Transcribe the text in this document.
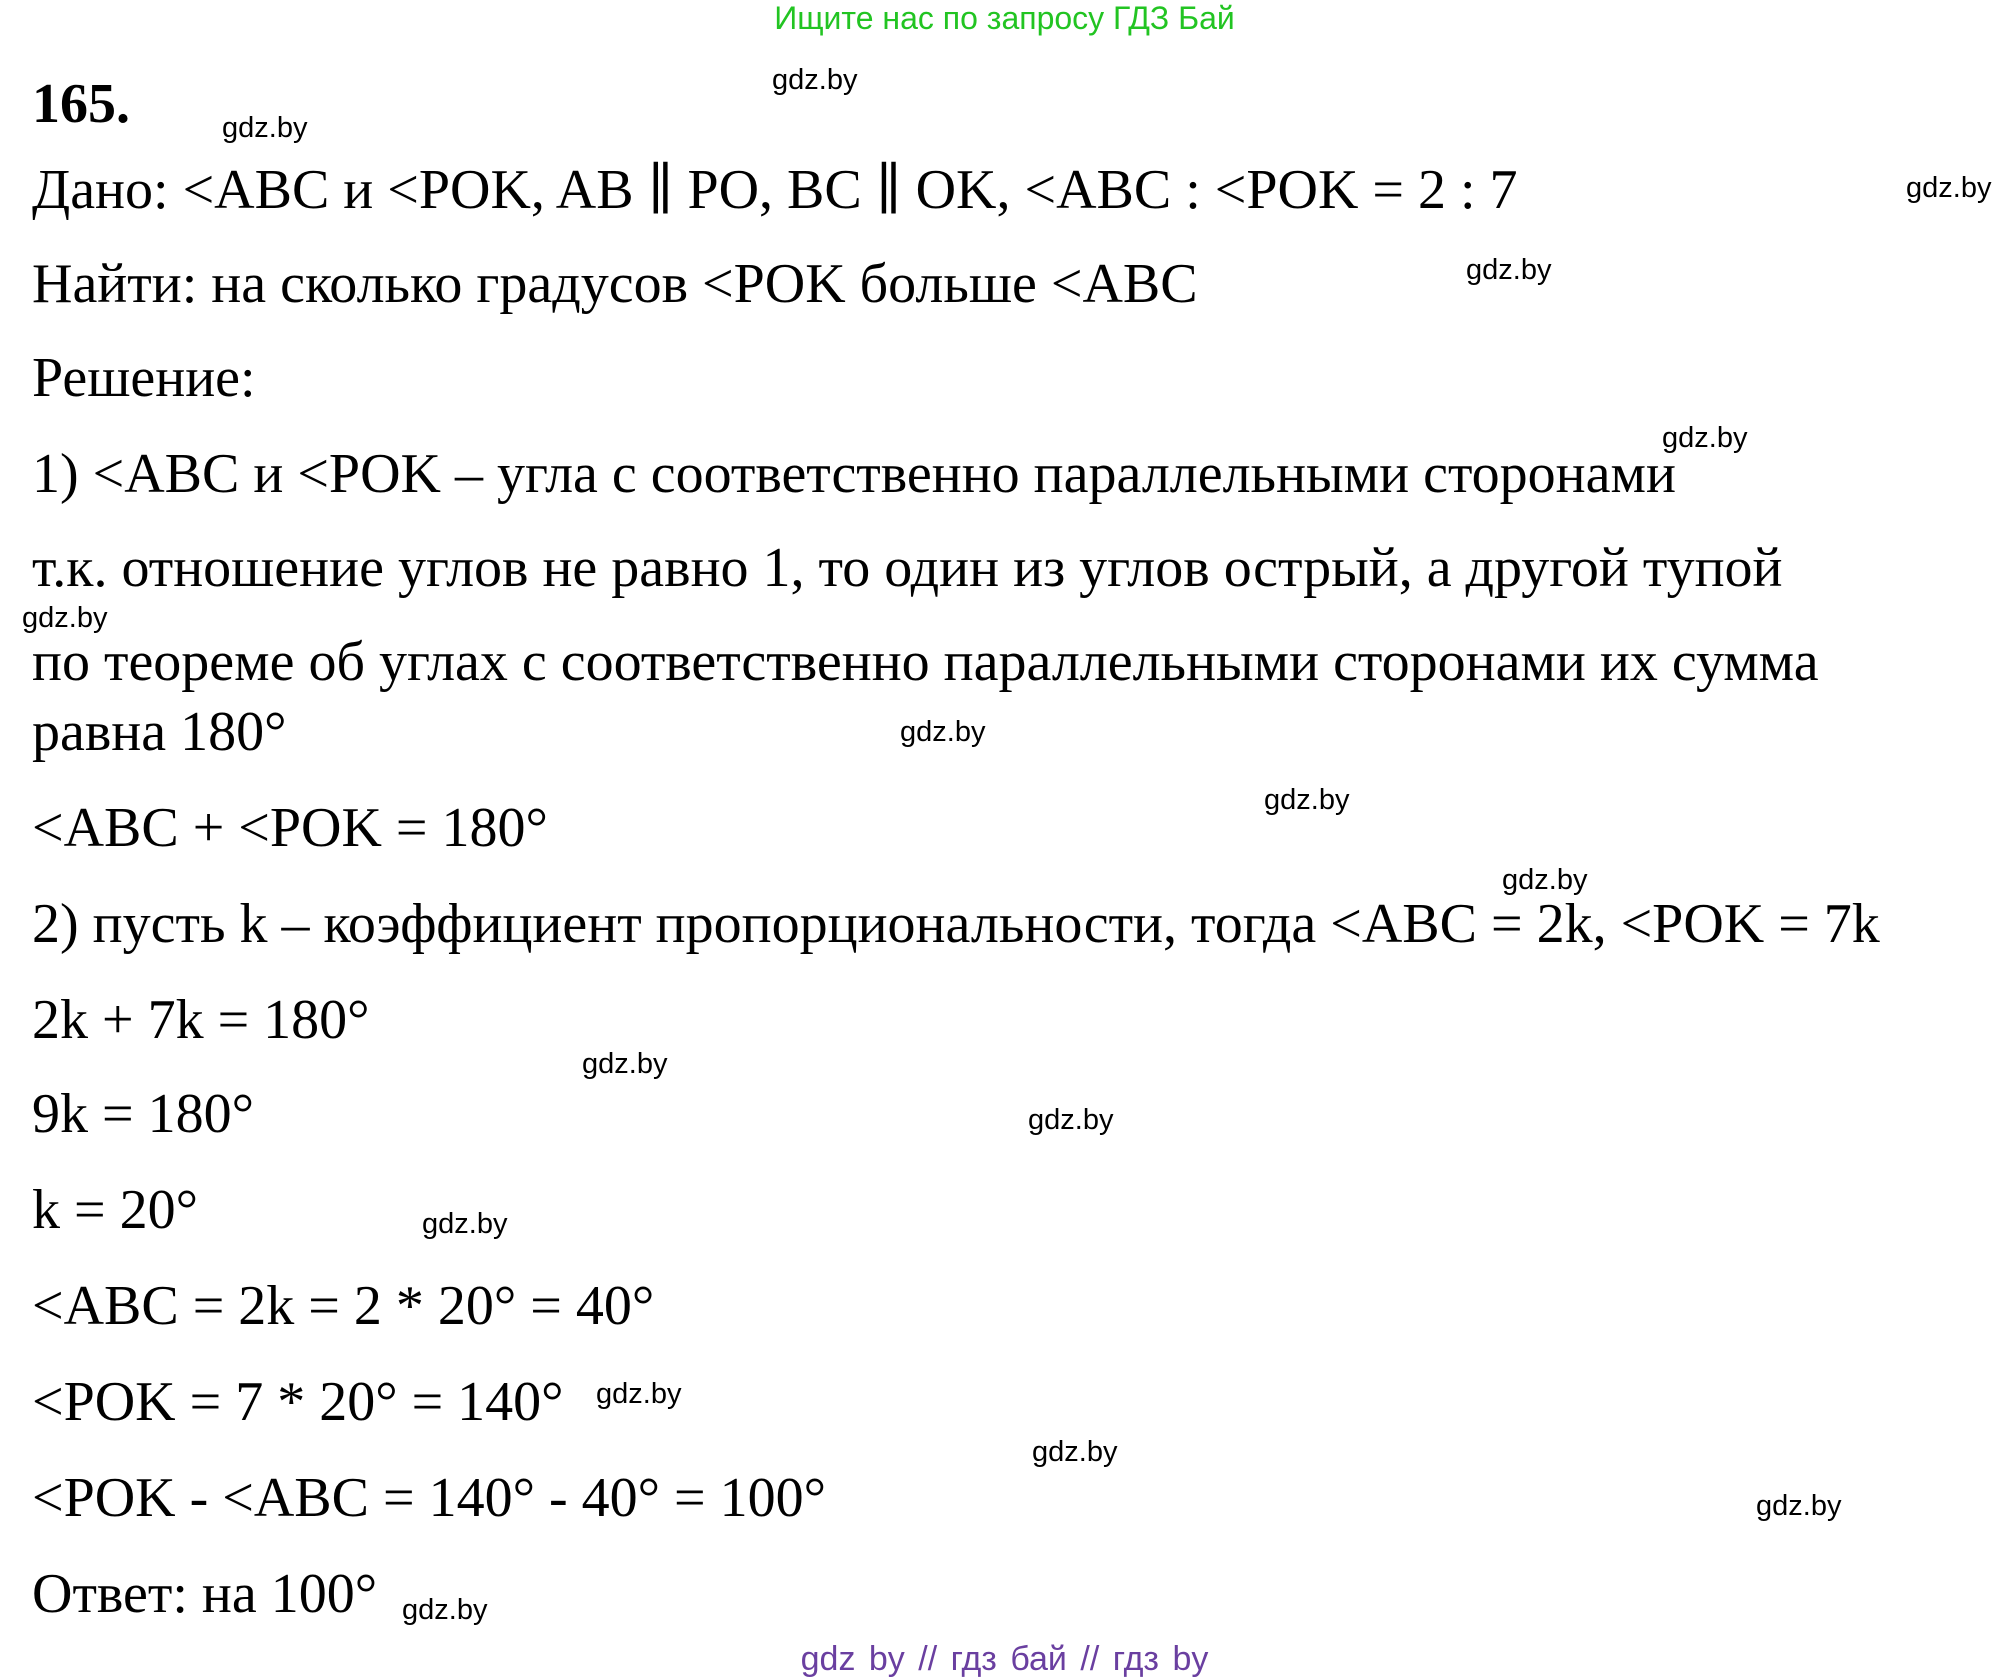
Ищите нас по запросу ГДЗ Бай
165.
Дано: <ABC и <POK, AB ∥ PO, BC ∥ OK, <ABC : <POK = 2 : 7
Найти: на сколько градусов <POK больше <ABC
Решение:
1) <ABC и <POK – угла с соответственно параллельными сторонами
т.к. отношение углов не равно 1, то один из углов острый, а другой тупой
по теореме об углах с соответственно параллельными сторонами их сумма
равна 180°
<ABC + <POK = 180°
2) пусть k – коэффициент пропорциональности, тогда <ABC = 2k, <POK = 7k
2k + 7k = 180°
9k = 180°
k = 20°
<ABC = 2k = 2 * 20° = 40°
<POK = 7 * 20° = 140°
<POK - <ABC = 140° - 40° = 100°
Ответ: на 100°
gdz.by
gdz.by
gdz.by
gdz.by
gdz.by
gdz.by
gdz.by
gdz.by
gdz.by
gdz.by
gdz.by
gdz.by
gdz.by
gdz.by
gdz.by
gdz.by
gdz by // гдз бай // гдз by
